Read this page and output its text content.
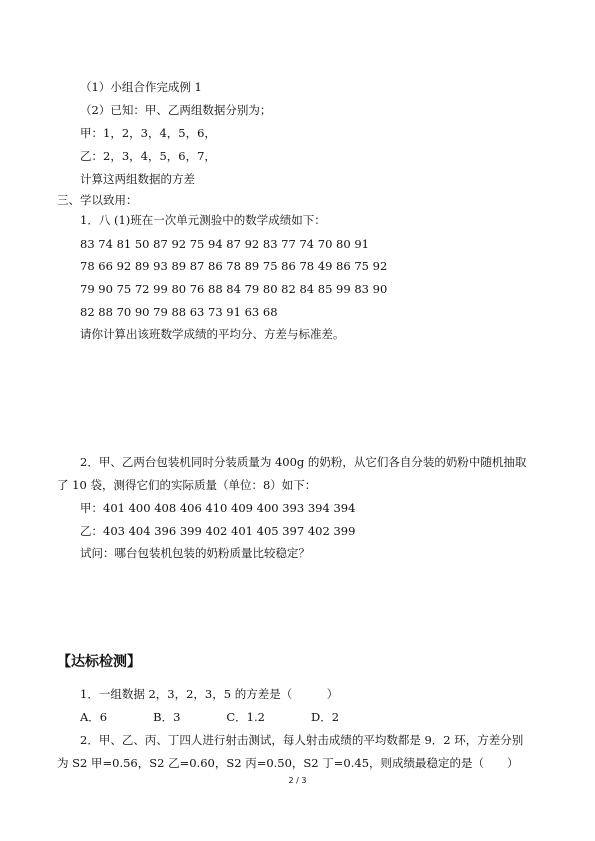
（1）小组合作完成例 1
（2）已知：甲、乙两组数据分别为；
甲：1，2，3，4，5，6，
乙：2，3，4，5，6，7，
计算这两组数据的方差
三、学以致用：
1．八 (1)班在一次单元测验中的数学成绩如下：
83 74 81 50 87 92 75 94 87 92 83 77 74 70 80 91
78 66 92 89 93 89 87 86 78 89 75 86 78 49 86 75 92
79 90 75 72 99 80 76 88 84 79 80 82 84 85 99 83 90
82 88 70 90 79 88 63 73 91 63 68
请你计算出该班数学成绩的平均分、方差与标准差。
2．甲、乙两台包装机同时分装质量为 400g 的奶粉，从它们各自分装的奶粉中随机抽取
了 10 袋，测得它们的实际质量（单位：8）如下：
甲：401 400 408 406 410 409 400 393 394 394
乙：403 404 396 399 402 401 405 397 402 399
试问：哪台包装机包装的奶粉质量比较稳定？
【达标检测】
1．一组数据 2，3，2，3，5 的方差是（　　　）
A．6　　　　B．3　　　　C．1.2　　　　D．2
2．甲、乙、丙、丁四人进行射击测试，每人射击成绩的平均数都是 9．2 环，方差分别
为 S2 甲=0.56，S2 乙=0.60，S2 丙=0.50，S2 丁=0.45，则成绩最稳定的是（　　）
2 / 3
